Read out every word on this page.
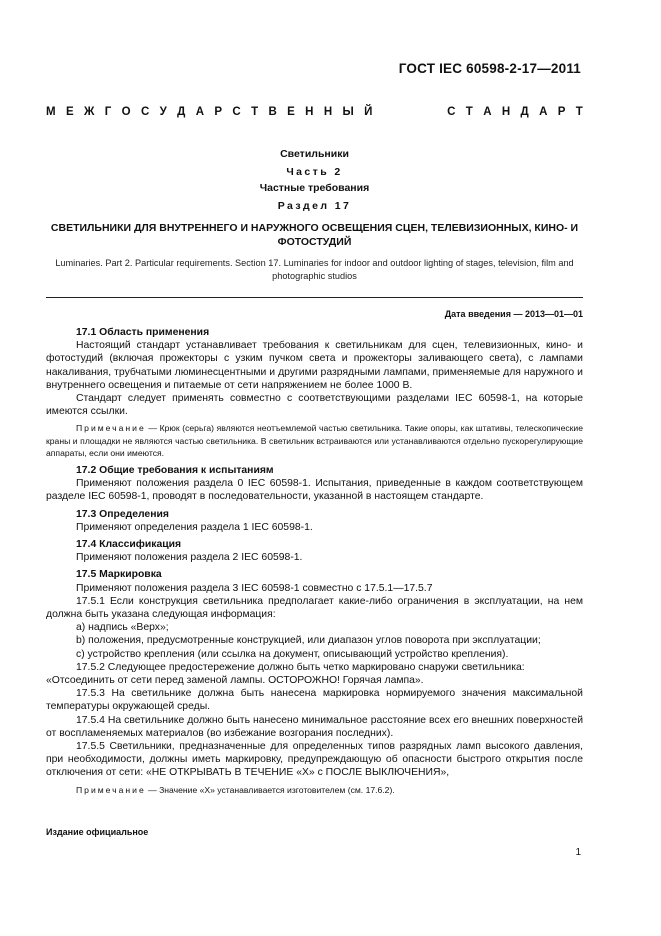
ГОСТ IEC 60598-2-17—2011
М Е Ж Г О С У Д А Р С Т В Е Н Н Ы Й	С Т А Н Д А Р Т
Светильники
Часть 2
Частные требования
Раздел 17
СВЕТИЛЬНИКИ ДЛЯ ВНУТРЕННЕГО И НАРУЖНОГО ОСВЕЩЕНИЯ СЦЕН, ТЕЛЕВИЗИОННЫХ, КИНО- И ФОТОСТУДИЙ
Luminaries. Part 2. Particular requirements. Section 17. Luminaries for indoor and outdoor lighting of stages, television, film and photographic studios
Дата введения — 2013—01—01

17.1 Область применения

Настоящий стандарт устанавливает требования к светильникам для сцен, телевизионных, кино- и фотостудий (включая прожекторы с узким пучком света и прожекторы заливающего света), с лампами накаливания, трубчатыми люминесцентными и другими разрядными лампами, применяемые для наружного и внутреннего освещения и питаемые от сети напряжением не более 1000 В.

Стандарт следует применять совместно с соответствующими разделами IEC 60598-1, на которые имеются ссылки.

Примечание — Крюк (серьга) являются неотъемлемой частью светильника. Такие опоры, как штативы, телескопические краны и площадки не являются частью светильника. В светильник встраиваются или устанавливаются отдельно пускорегулирующие аппараты, если они имеются.

17.2 Общие требования к испытаниям

Применяют положения раздела 0 IEC 60598-1. Испытания, приведенные в каждом соответствующем разделе IEC 60598-1, проводят в последовательности, указанной в настоящем стандарте.

17.3 Определения

Применяют определения раздела 1 IEC 60598-1.

17.4 Классификация

Применяют положения раздела 2 IEC 60598-1.

17.5 Маркировка

Применяют положения раздела 3 IEC 60598-1 совместно с 17.5.1—17.5.7

17.5.1 Если конструкция светильника предполагает какие-либо ограничения в эксплуатации, на нем должна быть указана следующая информация:

a) надпись «Верх»;

b) положения, предусмотренные конструкцией, или диапазон углов поворота при эксплуатации;

c) устройство крепления (или ссылка на документ, описывающий устройство крепления).

17.5.2 Следующее предостережение должно быть четко маркировано снаружи светильника:

«Отсоединить от сети перед заменой лампы. ОСТОРОЖНО! Горячая лампа».

17.5.3 На светильнике должна быть нанесена маркировка нормируемого значения максимальной температуры окружающей среды.

17.5.4 На светильнике должно быть нанесено минимальное расстояние всех его внешних поверхностей от воспламеняемых материалов (во избежание возгорания последних).

17.5.5 Светильники, предназначенные для определенных типов разрядных ламп высокого давления, при необходимости, должны иметь маркировку, предупреждающую об опасности быстрого открытия после отключения от сети: «НЕ ОТКРЫВАТЬ В ТЕЧЕНИЕ «X» с ПОСЛЕ ВЫКЛЮЧЕНИЯ»,

Примечание — Значение «X» устанавливается изготовителем (см. 17.6.2).

Издание официальное
1
